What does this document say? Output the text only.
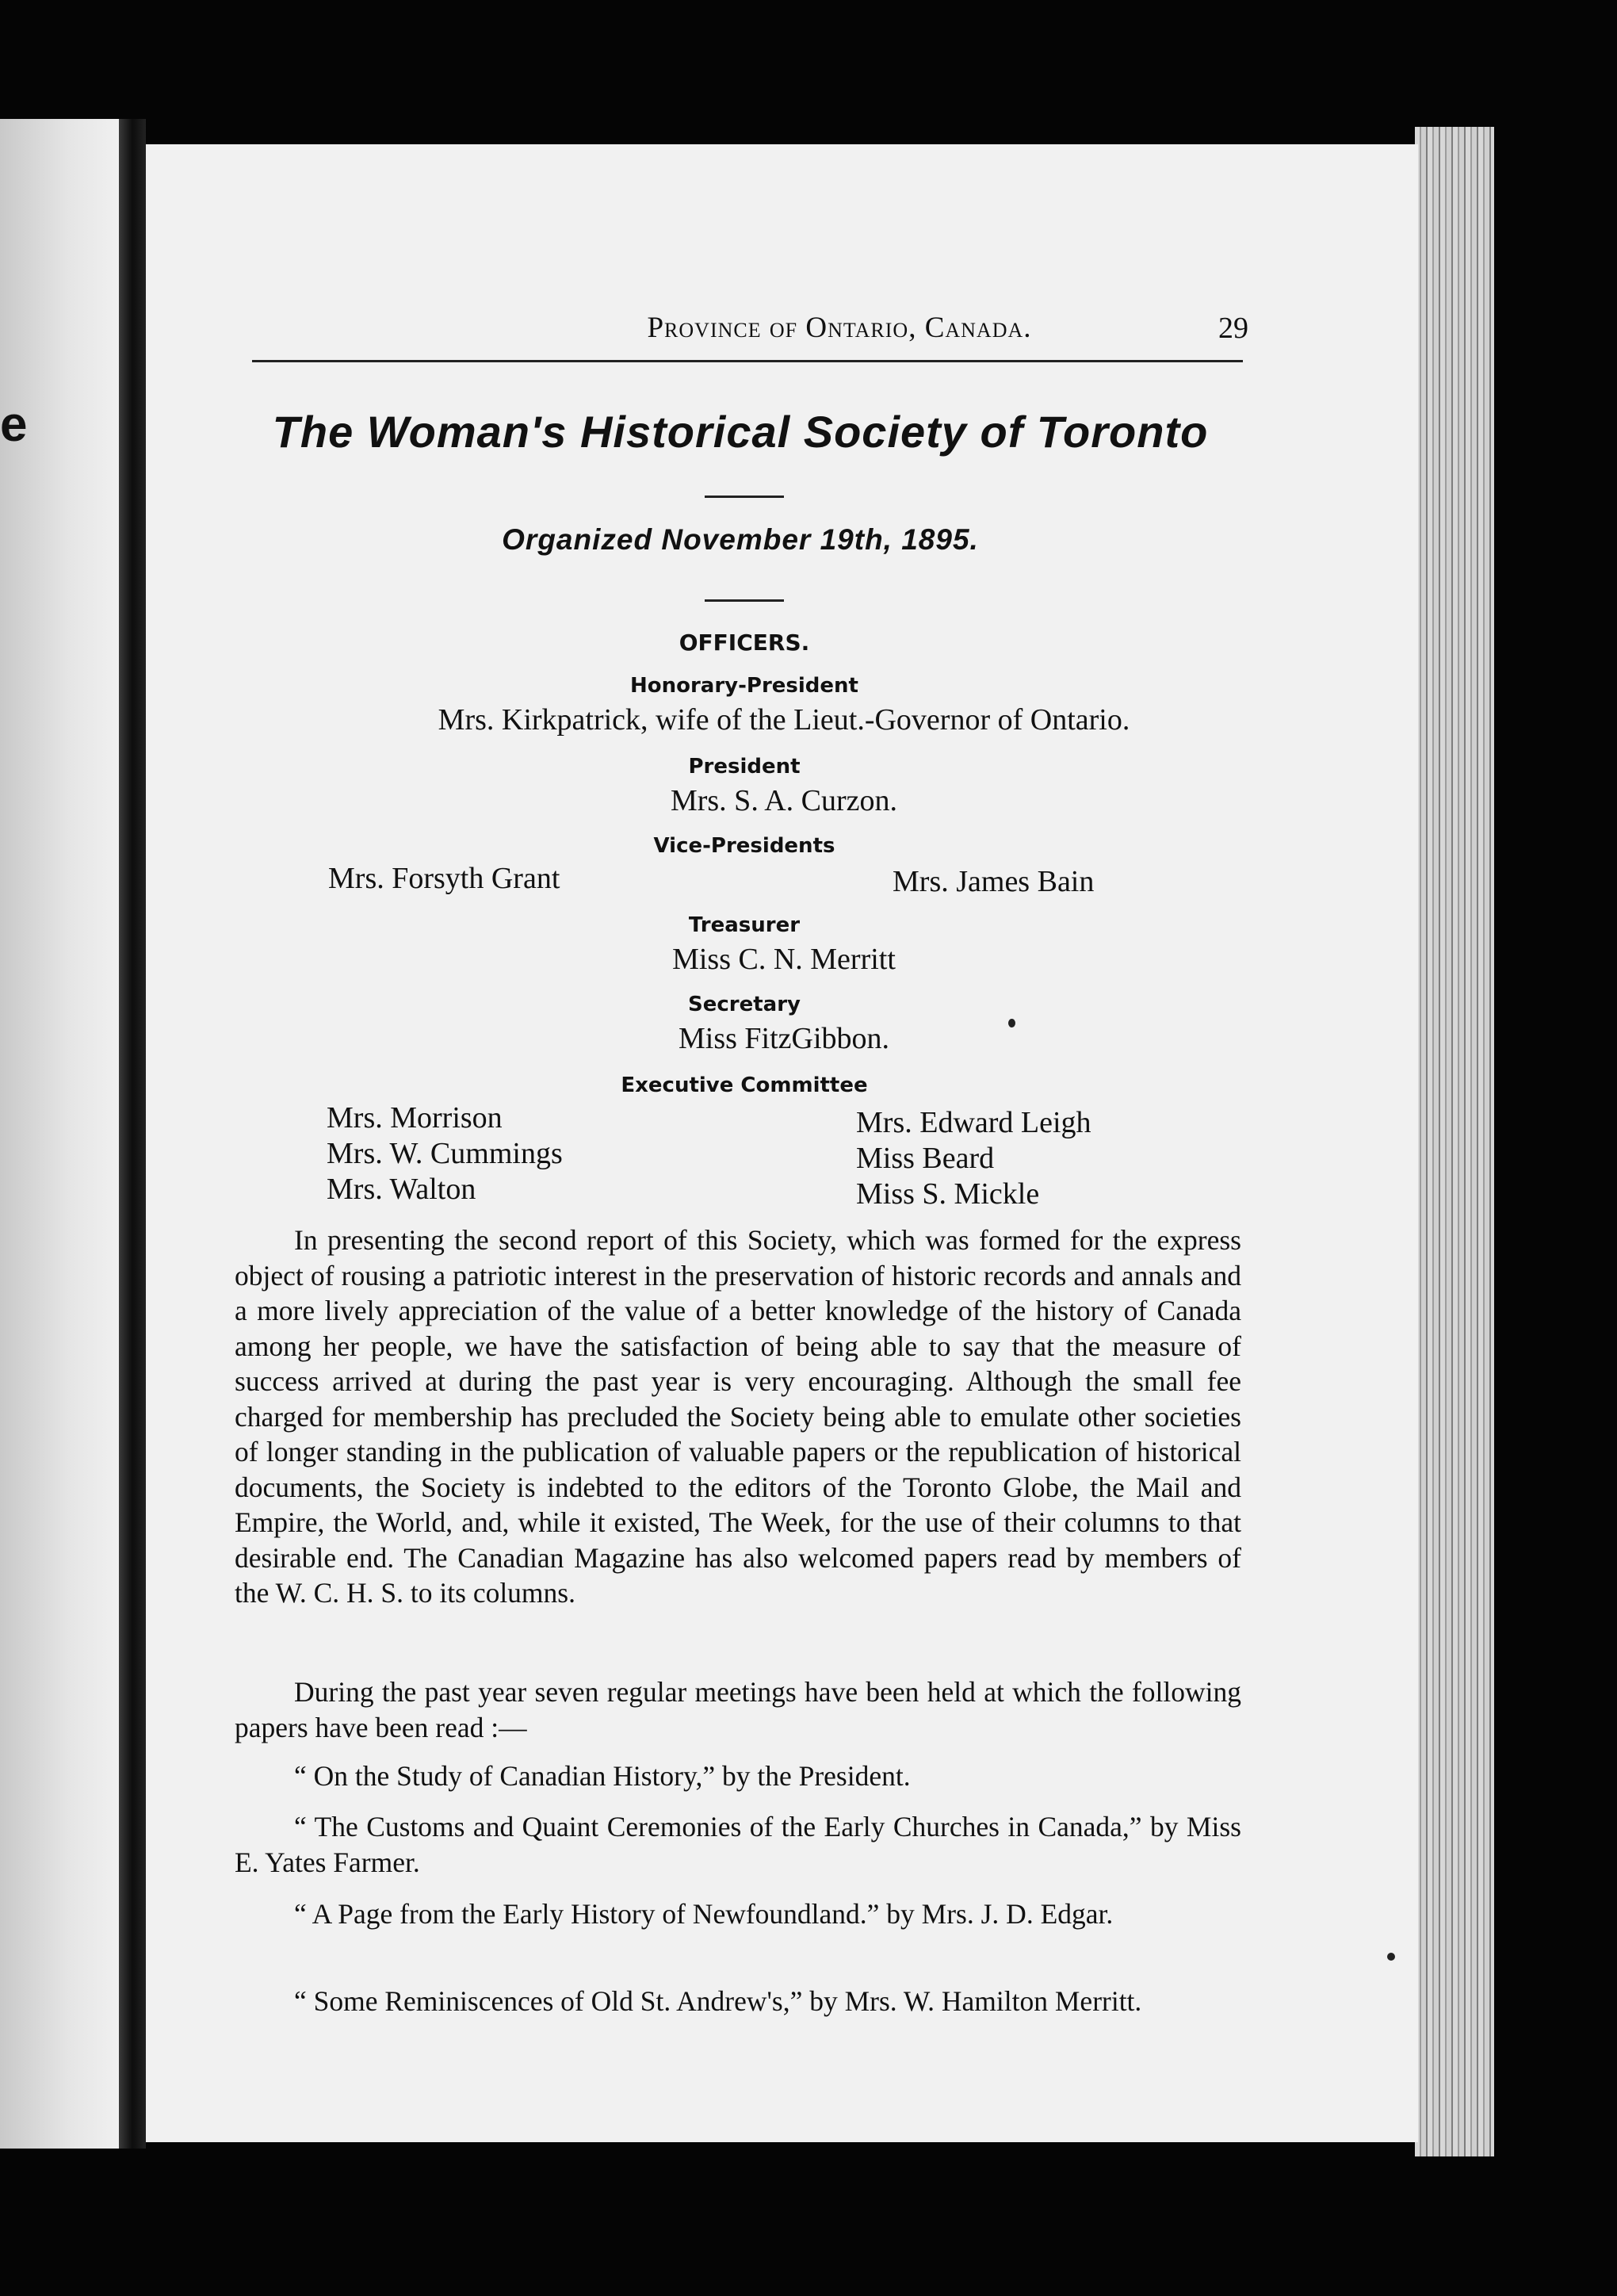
e
Province of Ontario, Canada.	29
The Woman's Historical Society of Toronto
Organized November 19th, 1895.
OFFICERS.
Honorary-President
Mrs. Kirkpatrick, wife of the Lieut.-Governor of Ontario.
President
Mrs. S. A. Curzon.
Vice-Presidents
Mrs. Forsyth Grant	Mrs. James Bain
Treasurer
Miss C. N. Merritt
Secretary
Miss FitzGibbon.
Executive Committee
Mrs. Morrison
Mrs. W. Cummings
Mrs. Walton
Mrs. Edward Leigh
Miss Beard
Miss S. Mickle

In presenting the second report of this Society, which was formed for the express object of rousing a patriotic interest in the preservation of historic records and annals and a more lively appreciation of the value of a better knowledge of the history of Canada among her people, we have the satisfaction of being able to say that the measure of success arrived at during the past year is very encouraging. Although the small fee charged for membership has precluded the Society being able to emulate other societies of longer standing in the publication of valuable papers or the republication of historical documents, the Society is indebted to the editors of the Toronto Globe, the Mail and Empire, the World, and, while it existed, The Week, for the use of their columns to that desirable end. The Canadian Magazine has also welcomed papers read by members of the W. C. H. S. to its columns.

During the past year seven regular meetings have been held at which the following papers have been read :—

“ On the Study of Canadian History,” by the President.

“ The Customs and Quaint Ceremonies of the Early Churches in Canada,” by Miss E. Yates Farmer.

“ A Page from the Early History of Newfoundland.” by Mrs. J. D. Edgar.

“ Some Reminiscences of Old St. Andrew's,” by Mrs. W. Hamilton Merritt.
